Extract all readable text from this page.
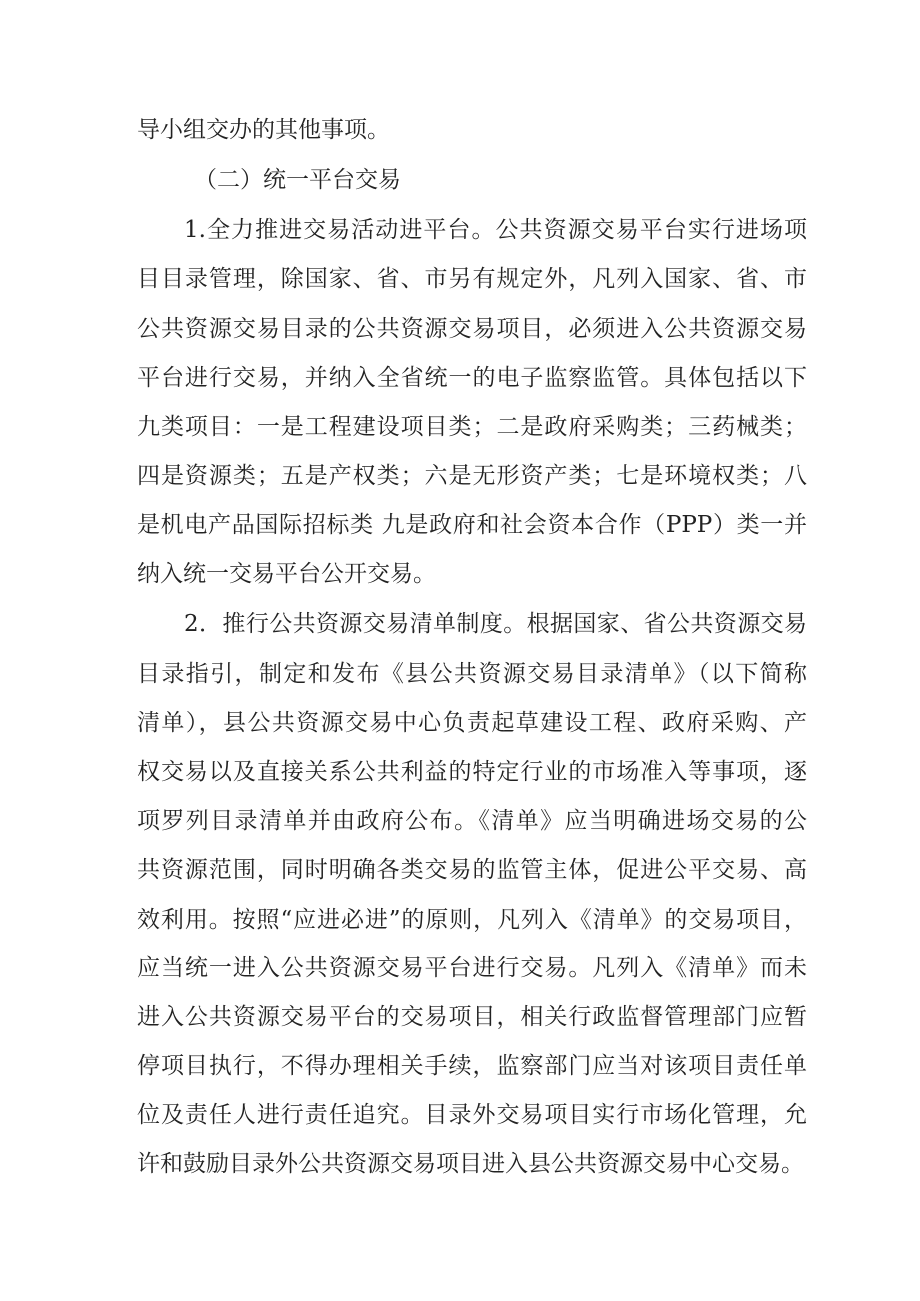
导小组交办的其他事项。
（二）统一平台交易
1.全力推进交易活动进平台。公共资源交易平台实行进场项
目目录管理，除国家、省、市另有规定外，凡列入国家、省、市
公共资源交易目录的公共资源交易项目，必须进入公共资源交易
平台进行交易，并纳入全省统一的电子监察监管。具体包括以下
九类项目：一是工程建设项目类；二是政府采购类；三药械类；
四是资源类；五是产权类；六是无形资产类；七是环境权类；八
是机电产品国际招标类 九是政府和社会资本合作（PPP）类一并
纳入统一交易平台公开交易。
2．推行公共资源交易清单制度。根据国家、省公共资源交易
目录指引，制定和发布《县公共资源交易目录清单》（以下简称
清单），县公共资源交易中心负责起草建设工程、政府采购、产
权交易以及直接关系公共利益的特定行业的市场准入等事项，逐
项罗列目录清单并由政府公布。《清单》应当明确进场交易的公
共资源范围，同时明确各类交易的监管主体，促进公平交易、高
效利用。按照“应进必进”的原则，凡列入《清单》的交易项目，
应当统一进入公共资源交易平台进行交易。凡列入《清单》而未
进入公共资源交易平台的交易项目，相关行政监督管理部门应暂
停项目执行，不得办理相关手续，监察部门应当对该项目责任单
位及责任人进行责任追究。目录外交易项目实行市场化管理，允
许和鼓励目录外公共资源交易项目进入县公共资源交易中心交易。
